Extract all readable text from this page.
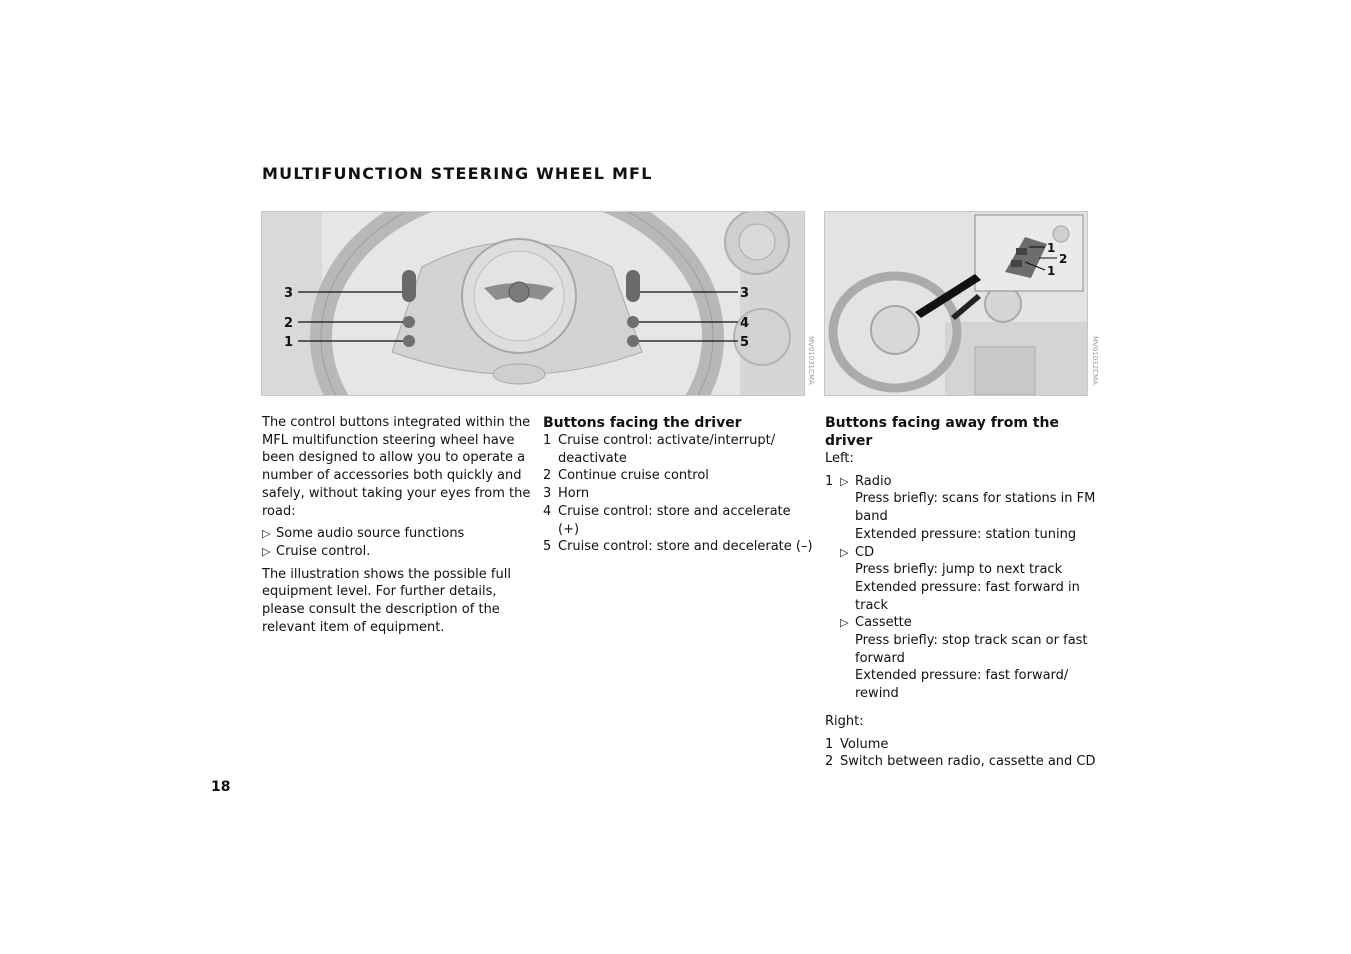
MULTIFUNCTION STEERING WHEEL MFL
3
2
1
3
4
5	MV01031CMA
1
2
1
MV01032CMA

The control buttons integrated within the MFL multifunction steering wheel have been designed to allow you to operate a number of accessories both quickly and safely, without taking your eyes from the road:

▷ Some audio source functions
▷ Cruise control.

The illustration shows the possible full equipment level. For further details, please consult the description of the relevant item of equipment.

Buttons facing the driver

1 Cruise control: activate/interrupt/ deactivate
2 Continue cruise control
3 Horn
4 Cruise control: store and accelerate (+)
5 Cruise control: store and decelerate (–)

Buttons facing away from the driver

Left:

1 ▷ Radio

Press briefly: scans for stations in FM band

Extended pressure: station tuning

▷ CD

Press briefly: jump to next track

Extended pressure: fast forward in track

▷ Cassette

Press briefly: stop track scan or fast forward

Extended pressure: fast forward/ rewind

Right:

1 Volume
2 Switch between radio, cassette and CD
18
